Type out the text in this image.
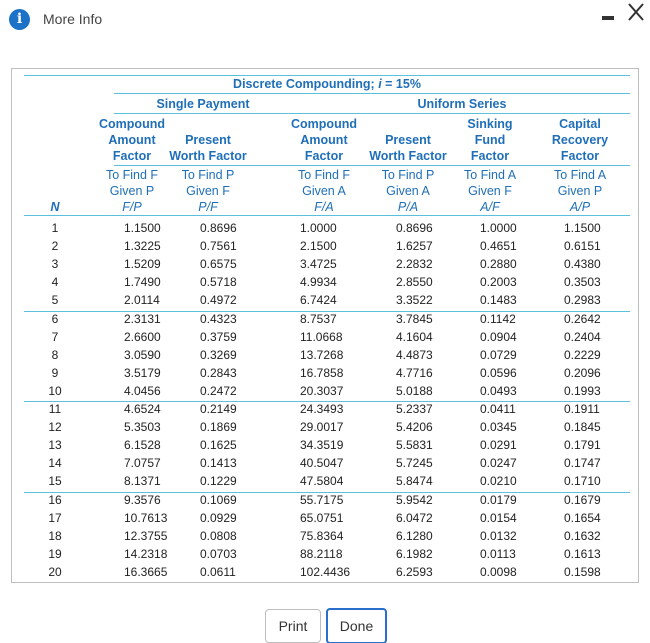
i	More Info
Discrete Compounding; i = 15%
Single Payment	Uniform Series
N
Compound
Amount
Factor
To Find F
Given P
F/P
Present
Worth Factor
To Find P
Given F
P/F
Compound
Amount
Factor
To Find F
Given A
F/A
Present
Worth Factor
To Find P
Given A
P/A
Sinking
Fund
Factor
To Find A
Given F
A/F
Capital
Recovery
Factor
To Find A
Given P
A/P
1	1.1500	0.8696	1.0000	0.8696	1.0000	1.1500
2	1.3225	0.7561	2.1500	1.6257	0.4651	0.6151
3	1.5209	0.6575	3.4725	2.2832	0.2880	0.4380
4	1.7490	0.5718	4.9934	2.8550	0.2003	0.3503
5	2.0114	0.4972	6.7424	3.3522	0.1483	0.2983
6	2.3131	0.4323	8.7537	3.7845	0.1142	0.2642
7	2.6600	0.3759	11.0668	4.1604	0.0904	0.2404
8	3.0590	0.3269	13.7268	4.4873	0.0729	0.2229
9	3.5179	0.2843	16.7858	4.7716	0.0596	0.2096
10	4.0456	0.2472	20.3037	5.0188	0.0493	0.1993
11	4.6524	0.2149	24.3493	5.2337	0.0411	0.1911
12	5.3503	0.1869	29.0017	5.4206	0.0345	0.1845
13	6.1528	0.1625	34.3519	5.5831	0.0291	0.1791
14	7.0757	0.1413	40.5047	5.7245	0.0247	0.1747
15	8.1371	0.1229	47.5804	5.8474	0.0210	0.1710
16	9.3576	0.1069	55.7175	5.9542	0.0179	0.1679
17	10.7613	0.0929	65.0751	6.0472	0.0154	0.1654
18	12.3755	0.0808	75.8364	6.1280	0.0132	0.1632
19	14.2318	0.0703	88.2118	6.1982	0.0113	0.1613
20	16.3665	0.0611	102.4436	6.2593	0.0098	0.1598
Print	Done
